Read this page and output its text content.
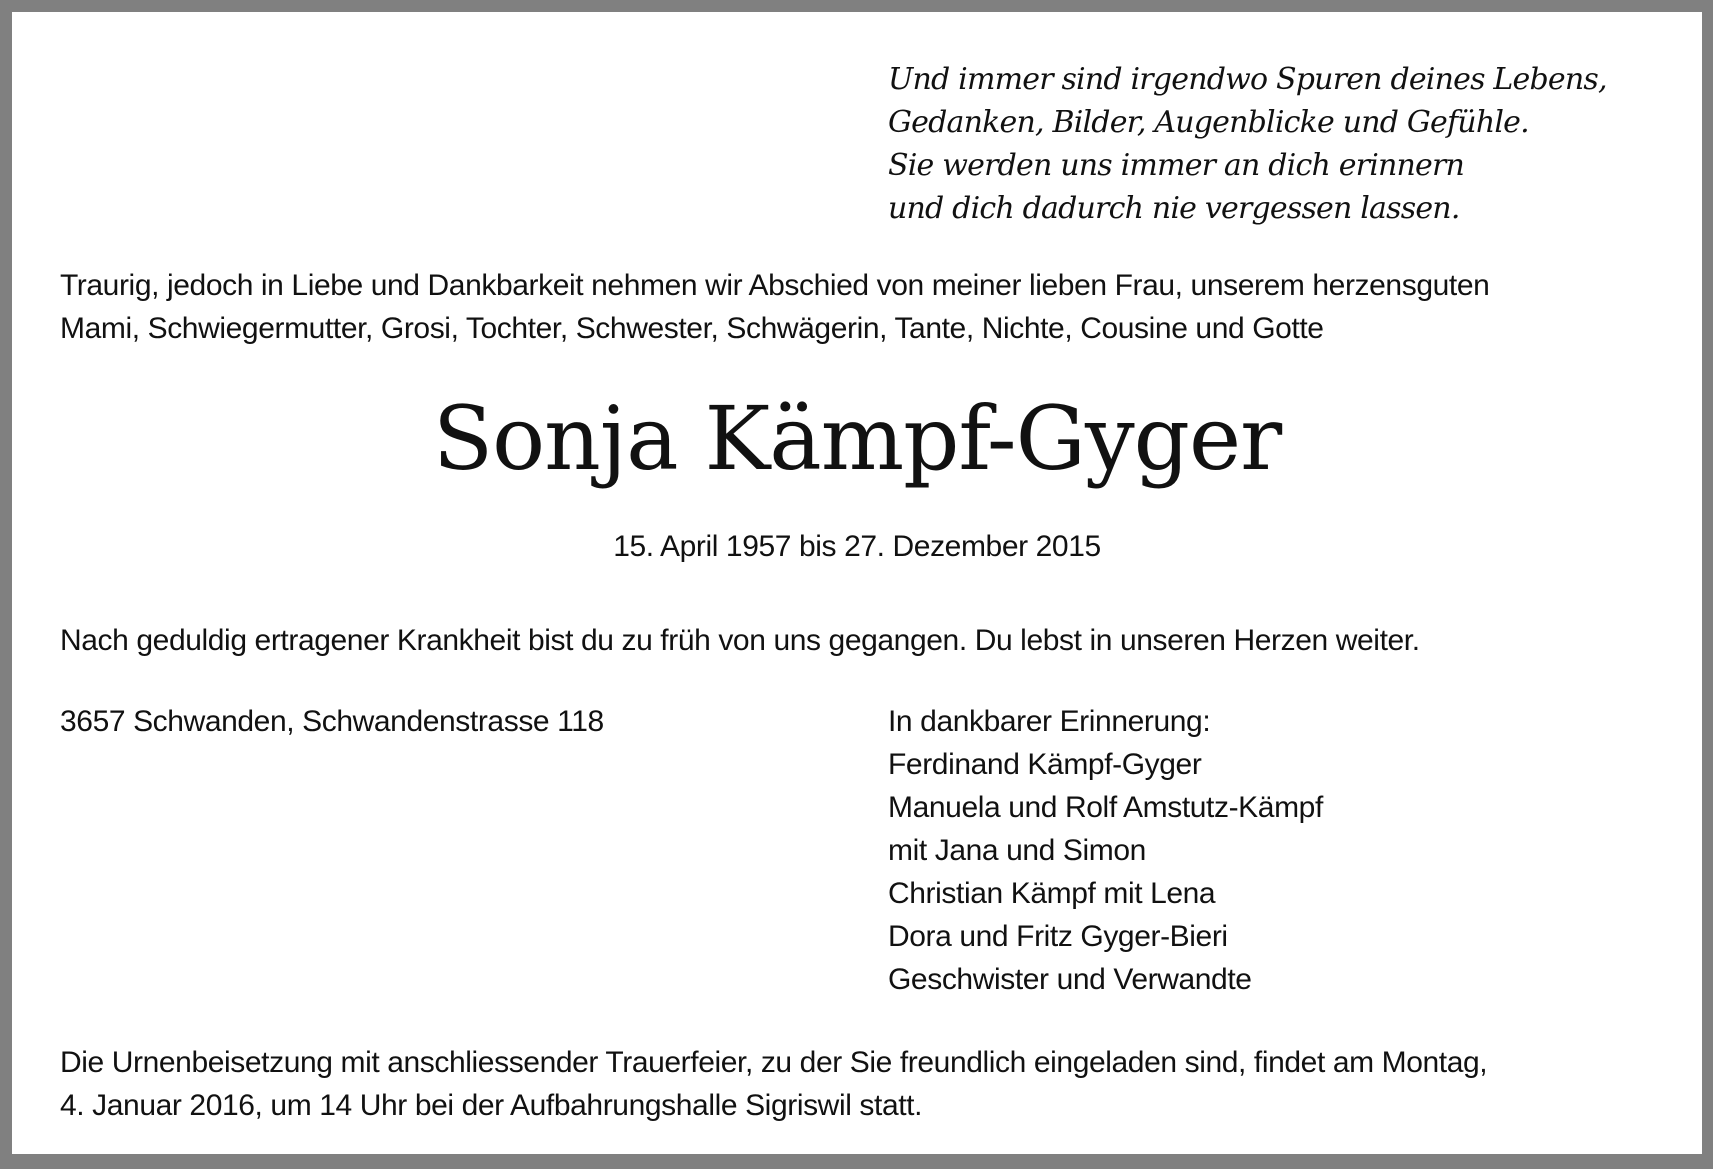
Und immer sind irgendwo Spuren deines Lebens,
Gedanken, Bilder, Augenblicke und Gefühle.
Sie werden uns immer an dich erinnern
und dich dadurch nie vergessen lassen.
Traurig, jedoch in Liebe und Dankbarkeit nehmen wir Abschied von meiner lieben Frau, unserem herzensguten
Mami, Schwiegermutter, Grosi, Tochter, Schwester, Schwägerin, Tante, Nichte, Cousine und Gotte
Sonja Kämpf-Gyger
15. April 1957 bis 27. Dezember 2015
Nach geduldig ertragener Krankheit bist du zu früh von uns gegangen. Du lebst in unseren Herzen weiter.
3657 Schwanden, Schwandenstrasse 118	In dankbarer Erinnerung:
Ferdinand Kämpf-Gyger
Manuela und Rolf Amstutz-Kämpf
mit Jana und Simon
Christian Kämpf mit Lena
Dora und Fritz Gyger-Bieri
Geschwister und Verwandte
Die Urnenbeisetzung mit anschliessender Trauerfeier, zu der Sie freundlich eingeladen sind, findet am Montag,
4. Januar 2016, um 14 Uhr bei der Aufbahrungshalle Sigriswil statt.
